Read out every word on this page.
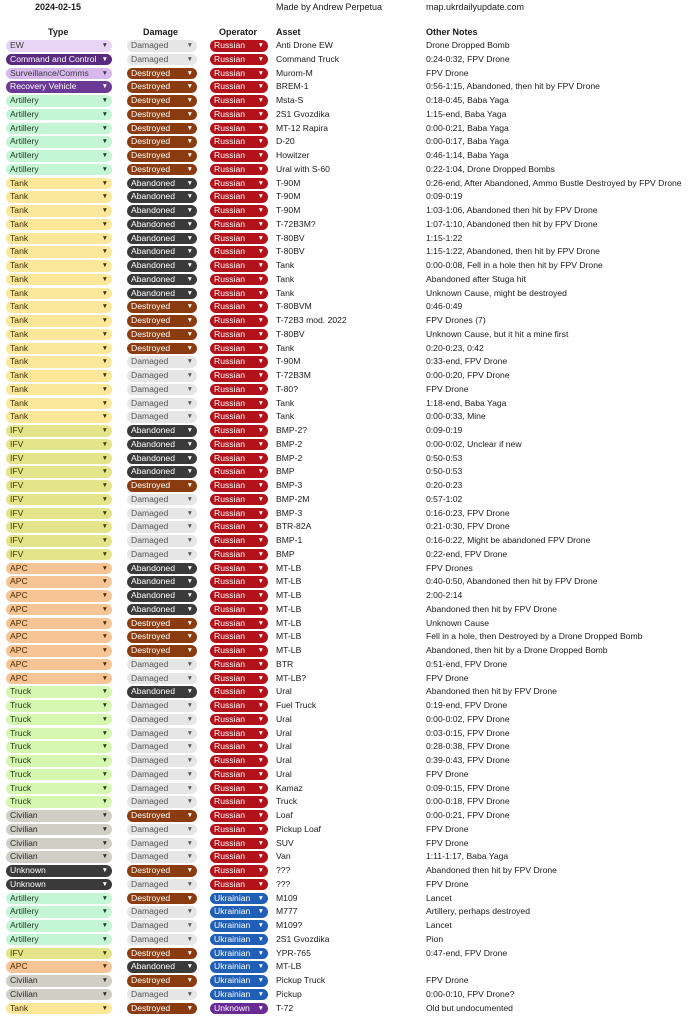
2024-02-15	Made by Andrew Perpetua	map.ukrdailyupdate.com
Type	Damage	Operator Asset	Other Notes
EW	▼	Damaged	▼	Russian ▼ Anti Drone EW	Drone Dropped Bomb
Command and Control ▼	Damaged	▼	Russian ▼ Command Truck	0:24-0:32, FPV Drone
Surveillance/Comms ▼	Destroyed	▼	Russian ▼ Murom-M	FPV Drone
Recovery Vehicle	▼	Destroyed	▼	Russian ▼ BREM-1	0:56-1:15, Abandoned, then hit by FPV Drone
Artillery	▼	Destroyed	▼	Russian ▼ Msta-S	0:18-0:45, Baba Yaga
Artillery	▼	Destroyed	▼	Russian ▼ 2S1 Gvozdika	1:15-end, Baba Yaga
Artillery	▼	Destroyed	▼	Russian ▼ MT-12 Rapira	0:00-0:21, Baba Yaga
Artillery	▼	Destroyed	▼	Russian ▼ D-20	0:00-0:17, Baba Yaga
Artillery	▼	Destroyed	▼	Russian ▼ Howitzer	0:46-1:14, Baba Yaga
Artillery	▼	Destroyed	▼	Russian ▼ Ural with S-60	0:22-1:04, Drone Dropped Bombs
Tank	▼	Abandoned ▼	Russian ▼ T-90M	0:26-end, After Abandoned, Ammo Bustle Destroyed by FPV Drone
Tank	▼	Abandoned ▼	Russian ▼ T-90M	0:09-0:19
Tank	▼	Abandoned ▼	Russian ▼ T-90M	1:03-1:06, Abandoned then hit by FPV Drone
Tank	▼	Abandoned ▼	Russian ▼ T-72B3M?	1:07-1:10, Abandoned then hit by FPV Drone
Tank	▼	Abandoned ▼	Russian ▼ T-80BV	1:15-1:22
Tank	▼	Abandoned ▼	Russian ▼ T-80BV	1:15-1:22, Abandoned, then hit by FPV Drone
Tank	▼	Abandoned ▼	Russian ▼ Tank	0:00-0:08, Fell in a hole then hit by FPV Drone
Tank	▼	Abandoned ▼	Russian ▼ Tank	Abandoned after Stuga hit
Tank	▼	Abandoned ▼	Russian ▼ Tank	Unknown Cause, might be destroyed
Tank	▼	Destroyed	▼	Russian ▼ T-80BVM	0:46-0:49
Tank	▼	Destroyed	▼	Russian ▼ T-72B3 mod. 2022	FPV Drones (7)
Tank	▼	Destroyed	▼	Russian ▼ T-80BV	Unknown Cause, but it hit a mine first
Tank	▼	Destroyed	▼	Russian ▼ Tank	0:20-0:23, 0:42
Tank	▼	Damaged	▼	Russian ▼ T-90M	0:33-end, FPV Drone
Tank	▼	Damaged	▼	Russian ▼ T-72B3M	0:00-0:20, FPV Drone
Tank	▼	Damaged	▼	Russian ▼ T-80?	FPV Drone
Tank	▼	Damaged	▼	Russian ▼ Tank	1:18-end, Baba Yaga
Tank	▼	Damaged	▼	Russian ▼ Tank	0:00-0:33, Mine
IFV	▼	Abandoned ▼	Russian ▼ BMP-2?	0:09-0:19
IFV	▼	Abandoned ▼	Russian ▼ BMP-2	0:00-0:02, Unclear if new
IFV	▼	Abandoned ▼	Russian ▼ BMP-2	0:50-0:53
IFV	▼	Abandoned ▼	Russian ▼ BMP	0:50-0:53
IFV	▼	Destroyed	▼	Russian ▼ BMP-3	0:20-0:23
IFV	▼	Damaged	▼	Russian ▼ BMP-2M	0:57-1:02
IFV	▼	Damaged	▼	Russian ▼ BMP-3	0:16-0:23, FPV Drone
IFV	▼	Damaged	▼	Russian ▼ BTR-82A	0:21-0:30, FPV Drone
IFV	▼	Damaged	▼	Russian ▼ BMP-1	0:16-0:22, Might be abandoned FPV Drone
IFV	▼	Damaged	▼	Russian ▼ BMP	0:22-end, FPV Drone
APC	▼	Abandoned ▼	Russian ▼ MT-LB	FPV Drones
APC	▼	Abandoned ▼	Russian ▼ MT-LB	0:40-0:50, Abandoned then hit by FPV Drone
APC	▼	Abandoned ▼	Russian ▼ MT-LB	2:00-2:14
APC	▼	Abandoned ▼	Russian ▼ MT-LB	Abandoned then hit by FPV Drone
APC	▼	Destroyed	▼	Russian ▼ MT-LB	Unknown Cause
APC	▼	Destroyed	▼	Russian ▼ MT-LB	Fell in a hole, then Destroyed by a Drone Dropped Bomb
APC	▼	Destroyed	▼	Russian ▼ MT-LB	Abandoned, then hit by a Drone Dropped Bomb
APC	▼	Damaged	▼	Russian ▼ BTR	0:51-end, FPV Drone
APC	▼	Damaged	▼	Russian ▼ MT-LB?	FPV Drone
Truck	▼	Abandoned ▼	Russian ▼ Ural	Abandoned then hit by FPV Drone
Truck	▼	Damaged	▼	Russian ▼ Fuel Truck	0:19-end, FPV Drone
Truck	▼	Damaged	▼	Russian ▼ Ural	0:00-0:02, FPV Drone
Truck	▼	Damaged	▼	Russian ▼ Ural	0:03-0:15, FPV Drone
Truck	▼	Damaged	▼	Russian ▼ Ural	0:28-0:38, FPV Drone
Truck	▼	Damaged	▼	Russian ▼ Ural	0:39-0:43, FPV Drone
Truck	▼	Damaged	▼	Russian ▼ Ural	FPV Drone
Truck	▼	Damaged	▼	Russian ▼ Kamaz	0:09-0:15, FPV Drone
Truck	▼	Damaged	▼	Russian ▼ Truck	0:00-0:18, FPV Drone
Civilian	▼	Destroyed	▼	Russian ▼ Loaf	0:00-0:21, FPV Drone
Civilian	▼	Damaged	▼	Russian ▼ Pickup Loaf	FPV Drone
Civilian	▼	Damaged	▼	Russian ▼ SUV	FPV Drone
Civilian	▼	Damaged	▼	Russian ▼ Van	1:11-1:17, Baba Yaga
Unknown	▼	Destroyed	▼	Russian ▼ ???	Abandoned then hit by FPV Drone
Unknown	▼	Damaged	▼	Russian ▼ ???	FPV Drone
Artillery	▼	Destroyed	▼	Ukrainian ▼ M109	Lancet
Artillery	▼	Damaged	▼	Ukrainian ▼ M777	Artillery, perhaps destroyed
Artillery	▼	Damaged	▼	Ukrainian ▼ M109?	Lancet
Artillery	▼	Damaged	▼	Ukrainian ▼ 2S1 Gvozdika	Pion
IFV	▼	Destroyed	▼	Ukrainian ▼ YPR-765	0:47-end, FPV Drone
APC	▼	Abandoned ▼	Ukrainian ▼ MT-LB
Civilian	▼	Destroyed	▼	Ukrainian ▼ Pickup Truck	FPV Drone
Civilian	▼	Damaged	▼	Ukrainian ▼ Pickup	0:00-0:10, FPV Drone?
Tank	▼	Destroyed	▼	Unknown ▼ T-72	Old but undocumented
